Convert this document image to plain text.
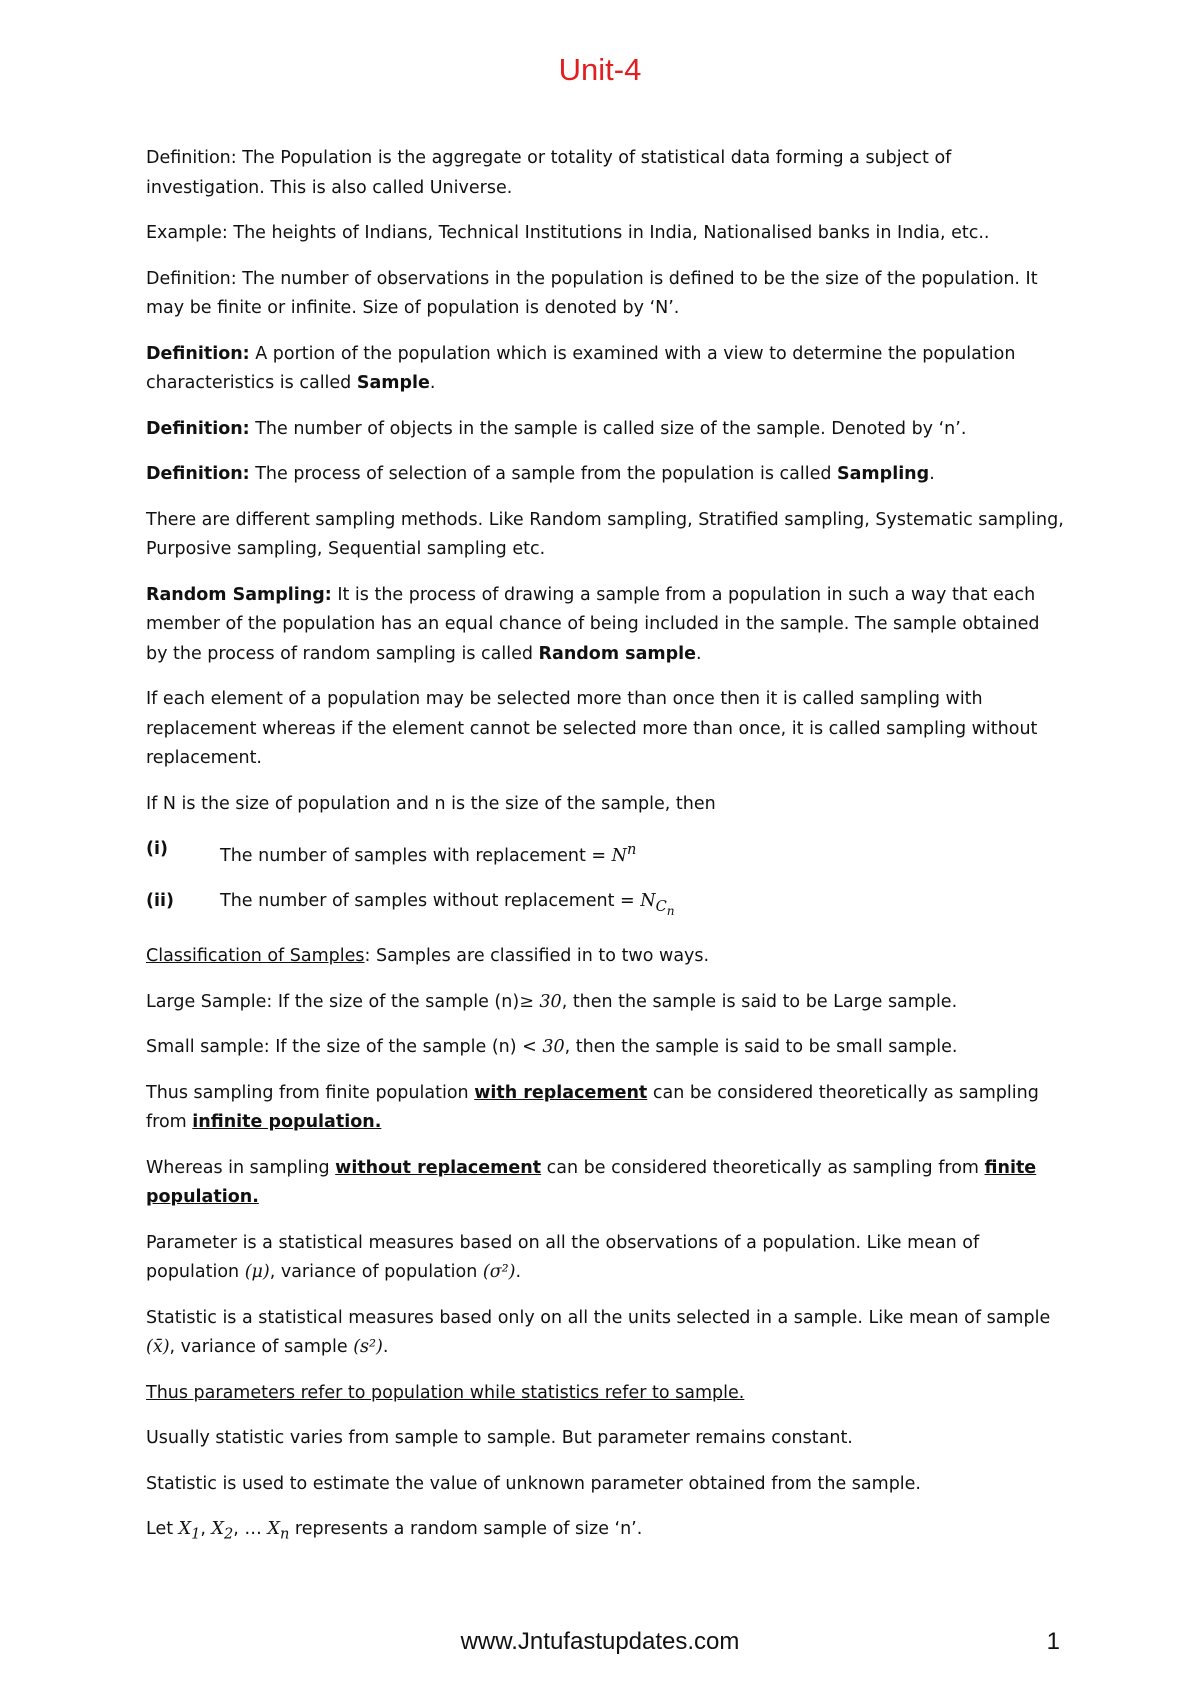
Unit-4

Definition: The Population is the aggregate or totality of statistical data forming a subject of investigation. This is also called Universe.

Example: The heights of Indians, Technical Institutions in India, Nationalised banks in India, etc..

Definition: The number of observations in the population is defined to be the size of the population. It may be finite or infinite. Size of population is denoted by ‘N’.

Definition: A portion of the population which is examined with a view to determine the population characteristics is called Sample.

Definition: The number of objects in the sample is called size of the sample. Denoted by ‘n’.

Definition: The process of selection of a sample from the population is called Sampling.

There are different sampling methods. Like Random sampling, Stratified sampling, Systematic sampling, Purposive sampling, Sequential sampling etc.

Random Sampling: It is the process of drawing a sample from a population in such a way that each member of the population has an equal chance of being included in the sample. The sample obtained by the process of random sampling is called Random sample.

If each element of a population may be selected more than once then it is called sampling with replacement whereas if the element cannot be selected more than once, it is called sampling without replacement.

If N is the size of population and n is the size of the sample, then

(i)	The number of samples with replacement = $N^n$
(ii)	The number of samples without replacement = $N_{C_n}$

Classification of Samples: Samples are classified in to two ways.

Large Sample: If the size of the sample (n)≥ 30, then the sample is said to be Large sample.

Small sample: If the size of the sample (n) < 30, then the sample is said to be small sample.

Thus sampling from finite population with replacement can be considered theoretically as sampling from infinite population.

Whereas in sampling without replacement can be considered theoretically as sampling from finite population.

Parameter is a statistical measures based on all the observations of a population. Like mean of population (μ), variance of population (σ²).

Statistic is a statistical measures based only on all the units selected in a sample. Like mean of sample (x̄), variance of sample (s²).

Thus parameters refer to population while statistics refer to sample.

Usually statistic varies from sample to sample. But parameter remains constant.

Statistic is used to estimate the value of unknown parameter obtained from the sample.

Let $X_1$, $X_2$, … $X_n$ represents a random sample of size ‘n’.

www.Jntufastupdates.com	1
